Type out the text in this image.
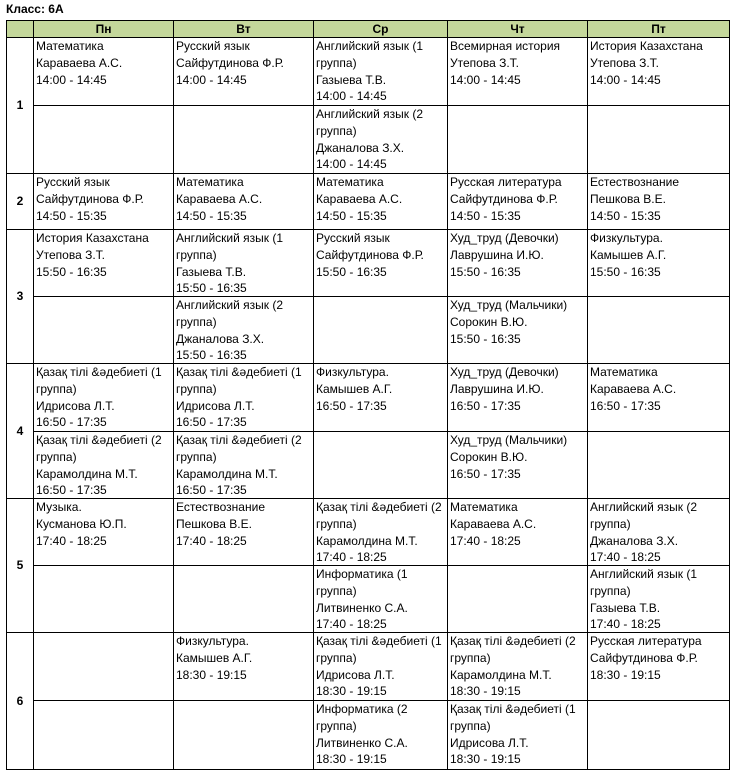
Класс: 6А
	Пн	Вт	Ср	Чт	Пт
1	Математика
Караваева А.С.
14:00 - 14:45	Русский язык
Сайфутдинова Ф.Р.
14:00 - 14:45	Английский язык (1 группа)
Газыева Т.В.
14:00 - 14:45	Всемирная история
Утепова З.Т.
14:00 - 14:45	История Казахстана
Утепова З.Т.
14:00 - 14:45

			Английский язык (2 группа)
Джаналова З.Х.
14:00 - 14:45		

2	Русский язык
Сайфутдинова Ф.Р.
14:50 - 15:35	Математика
Караваева А.С.
14:50 - 15:35	Математика
Караваева А.С.
14:50 - 15:35	Русская литература
Сайфутдинова Ф.Р.
14:50 - 15:35	Естествознание
Пешкова В.Е.
14:50 - 15:35

3	История Казахстана
Утепова З.Т.
15:50 - 16:35	Английский язык (1 группа)
Газыева Т.В.
15:50 - 16:35	Русский язык
Сайфутдинова Ф.Р.
15:50 - 16:35	Худ_труд (Девочки)
Лаврушина И.Ю.
15:50 - 16:35	Физкультура.
Камышев А.Г.
15:50 - 16:35

		Английский язык (2 группа)
Джаналова З.Х.
15:50 - 16:35		Худ_труд (Мальчики)
Сорокин В.Ю.
15:50 - 16:35	

4	Қазақ тілі &әдебиеті (1 группа)
Идрисова Л.Т.
16:50 - 17:35	Қазақ тілі &әдебиеті (1 группа)
Идрисова Л.Т.
16:50 - 17:35	Физкультура.
Камышев А.Г.
16:50 - 17:35	Худ_труд (Девочки)
Лаврушина И.Ю.
16:50 - 17:35	Математика
Караваева А.С.
16:50 - 17:35

	Қазақ тілі &әдебиеті (2 группа)
Карамолдина М.Т.
16:50 - 17:35	Қазақ тілі &әдебиеті (2 группа)
Карамолдина М.Т.
16:50 - 17:35		Худ_труд (Мальчики)
Сорокин В.Ю.
16:50 - 17:35	

5	Музыка.
Кусманова Ю.П.
17:40 - 18:25	Естествознание
Пешкова В.Е.
17:40 - 18:25	Қазақ тілі &әдебиеті (2 группа)
Карамолдина М.Т.
17:40 - 18:25	Математика
Караваева А.С.
17:40 - 18:25	Английский язык (2 группа)
Джаналова З.Х.
17:40 - 18:25

			Информатика (1 группа)
Литвиненко С.А.
17:40 - 18:25		Английский язык (1 группа)
Газыева Т.В.
17:40 - 18:25

6		Физкультура.
Камышев А.Г.
18:30 - 19:15	Қазақ тілі &әдебиеті (1 группа)
Идрисова Л.Т.
18:30 - 19:15	Қазақ тілі &әдебиеті (2 группа)
Карамолдина М.Т.
18:30 - 19:15	Русская литература
Сайфутдинова Ф.Р.
18:30 - 19:15

			Информатика (2 группа)
Литвиненко С.А.
18:30 - 19:15	Қазақ тілі &әдебиеті (1 группа)
Идрисова Л.Т.
18:30 - 19:15	
